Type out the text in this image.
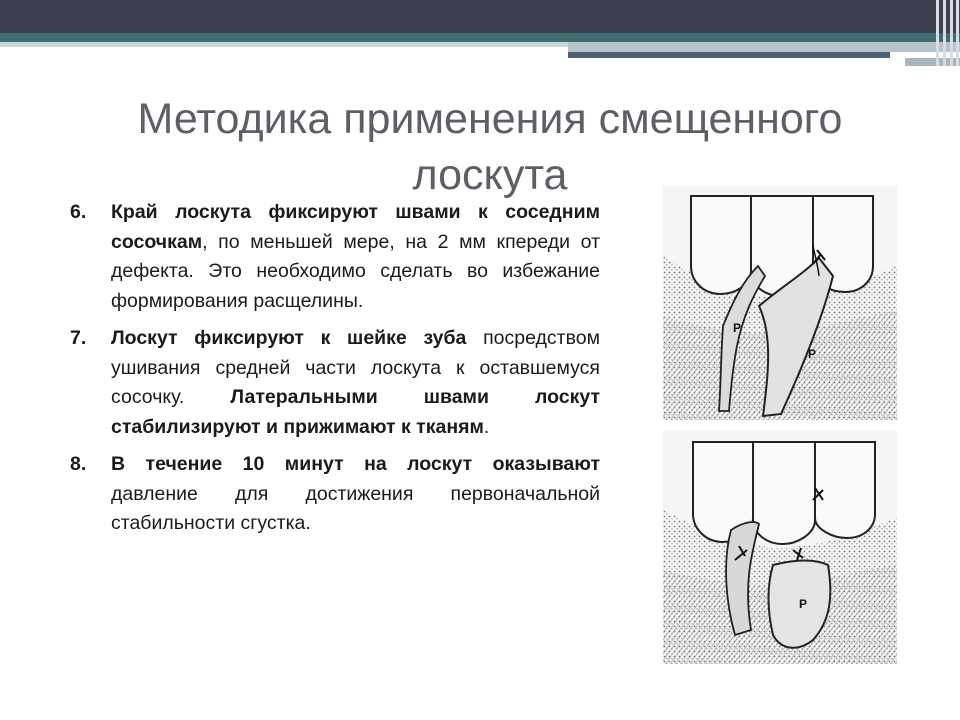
Методика применения смещенного
лоскута
6. Край лоскута фиксируют швами к соседним сосочкам, по меньшей мере, на 2 мм кпереди от дефекта. Это необходимо сделать во избежание формирования расщелины.
7. Лоскут фиксируют к шейке зуба посредством ушивания средней части лоскута к оставшемуся сосочку. Латеральными швами лоскут стабилизируют и прижимают к тканям.
8. В течение 10 минут на лоскут оказывают давление для достижения первоначальной стабильности сгустка.
P
P
P
